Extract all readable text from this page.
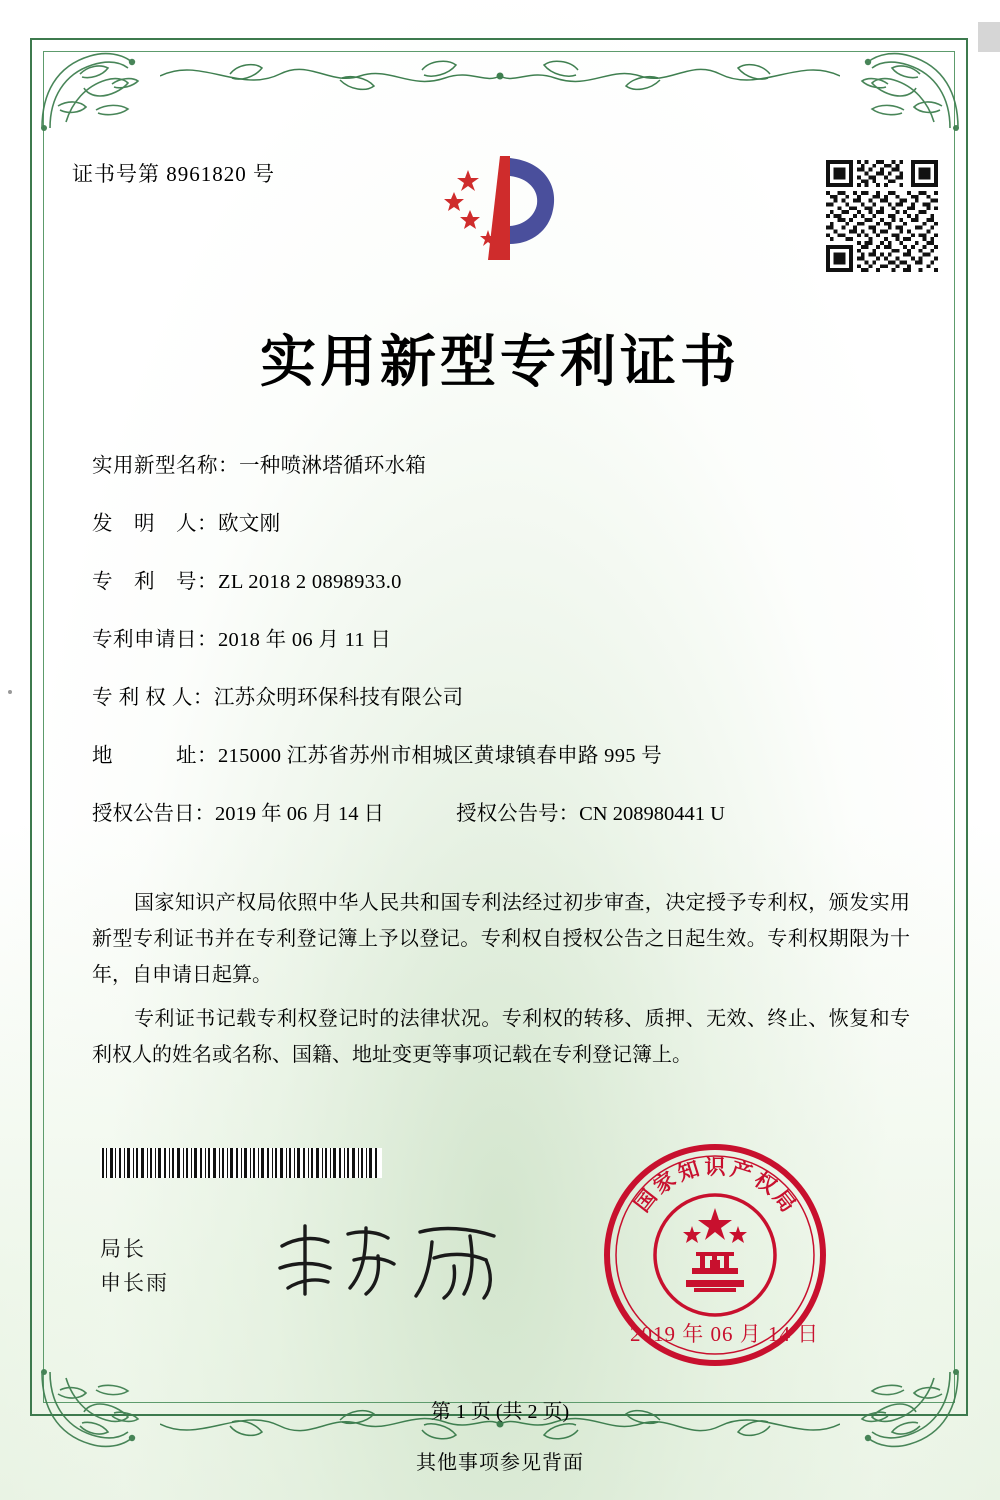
证书号第 8961820 号
实用新型专利证书
实用新型名称： 一种喷淋塔循环水箱
发　明　人： 欧文刚
专　利　号： ZL 2018 2 0898933.0
专利申请日： 2018 年 06 月 11 日
专 利 权 人： 江苏众明环保科技有限公司
地　　　址： 215000 江苏省苏州市相城区黄埭镇春申路 995 号
授权公告日： 2019 年 06 月 14 日	授权公告号： CN 208980441 U

国家知识产权局依照中华人民共和国专利法经过初步审查，决定授予专利权，颁发实用新型专利证书并在专利登记簿上予以登记。专利权自授权公告之日起生效。专利权期限为十年，自申请日起算。

专利证书记载专利权登记时的法律状况。专利权的转移、质押、无效、终止、恢复和专利权人的姓名或名称、国籍、地址变更等事项记载在专利登记簿上。

局长
申长雨
国
家
知 识 产
权
局
2019 年 06 月 14 日
第 1 页 (共 2 页)
其他事项参见背面
